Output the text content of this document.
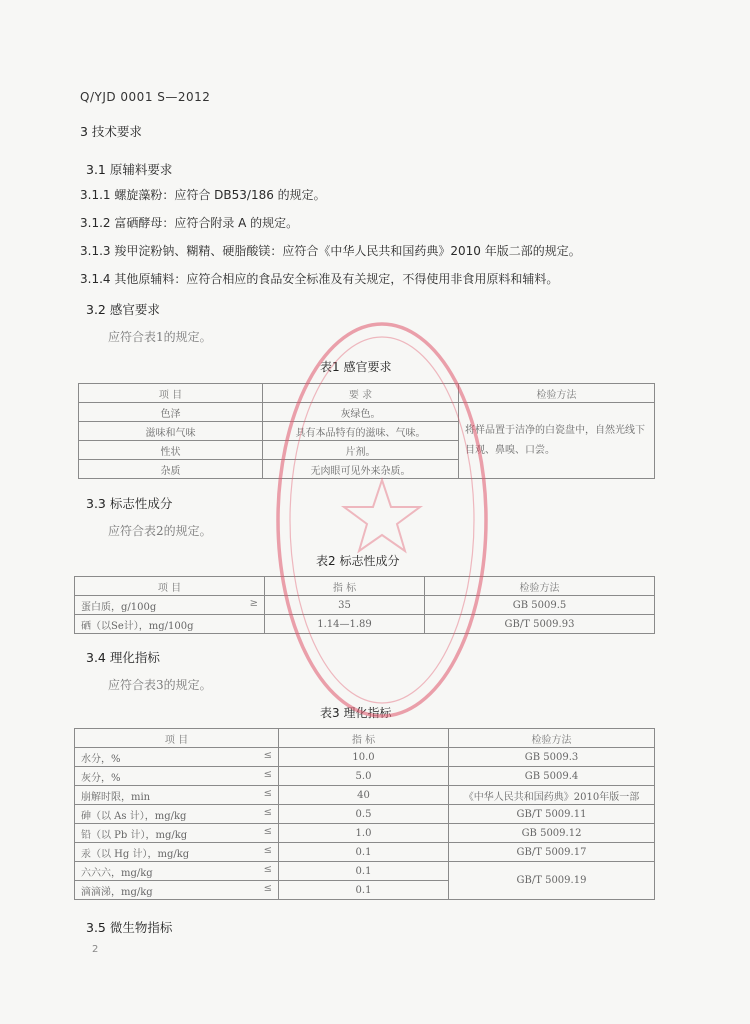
Q/YJD 0001 S—2012
3 技术要求
3.1 原辅料要求
3.1.1 螺旋藻粉：应符合 DB53/186 的规定。
3.1.2 富硒酵母：应符合附录 A 的规定。
3.1.3 羧甲淀粉钠、糊精、硬脂酸镁：应符合《中华人民共和国药典》2010 年版二部的规定。
3.1.4 其他原辅料：应符合相应的食品安全标准及有关规定，不得使用非食用原料和辅料。
3.2 感官要求
应符合表1的规定。
表1 感官要求
项 目	要 求	检验方法
色泽	灰绿色。	将样品置于洁净的白瓷盘中，自然光线下目观、鼻嗅、口尝。
滋味和气味	具有本品特有的滋味、气味。	
性状	片剂。	
杂质	无肉眼可见外来杂质。	
3.3 标志性成分
应符合表2的规定。
表2 标志性成分
项 目	指 标	检验方法
蛋白质，g/100g ≥	35	GB 5009.5
硒（以Se计），mg/100g	1.14—1.89	GB/T 5009.93
3.4 理化指标
应符合表3的规定。
表3 理化指标
项 目	指 标	检验方法
水分，% ≤	10.0	GB 5009.3
灰分，% ≤	5.0	GB 5009.4
崩解时限，min ≤	40	《中华人民共和国药典》2010年版一部
砷（以 As 计），mg/kg ≤	0.5	GB/T 5009.11
铅（以 Pb 计），mg/kg ≤	1.0	GB 5009.12
汞（以 Hg 计），mg/kg ≤	0.1	GB/T 5009.17
六六六，mg/kg ≤	0.1	GB/T 5009.19
滴滴涕，mg/kg ≤	0.1	
3.5 微生物指标
2
